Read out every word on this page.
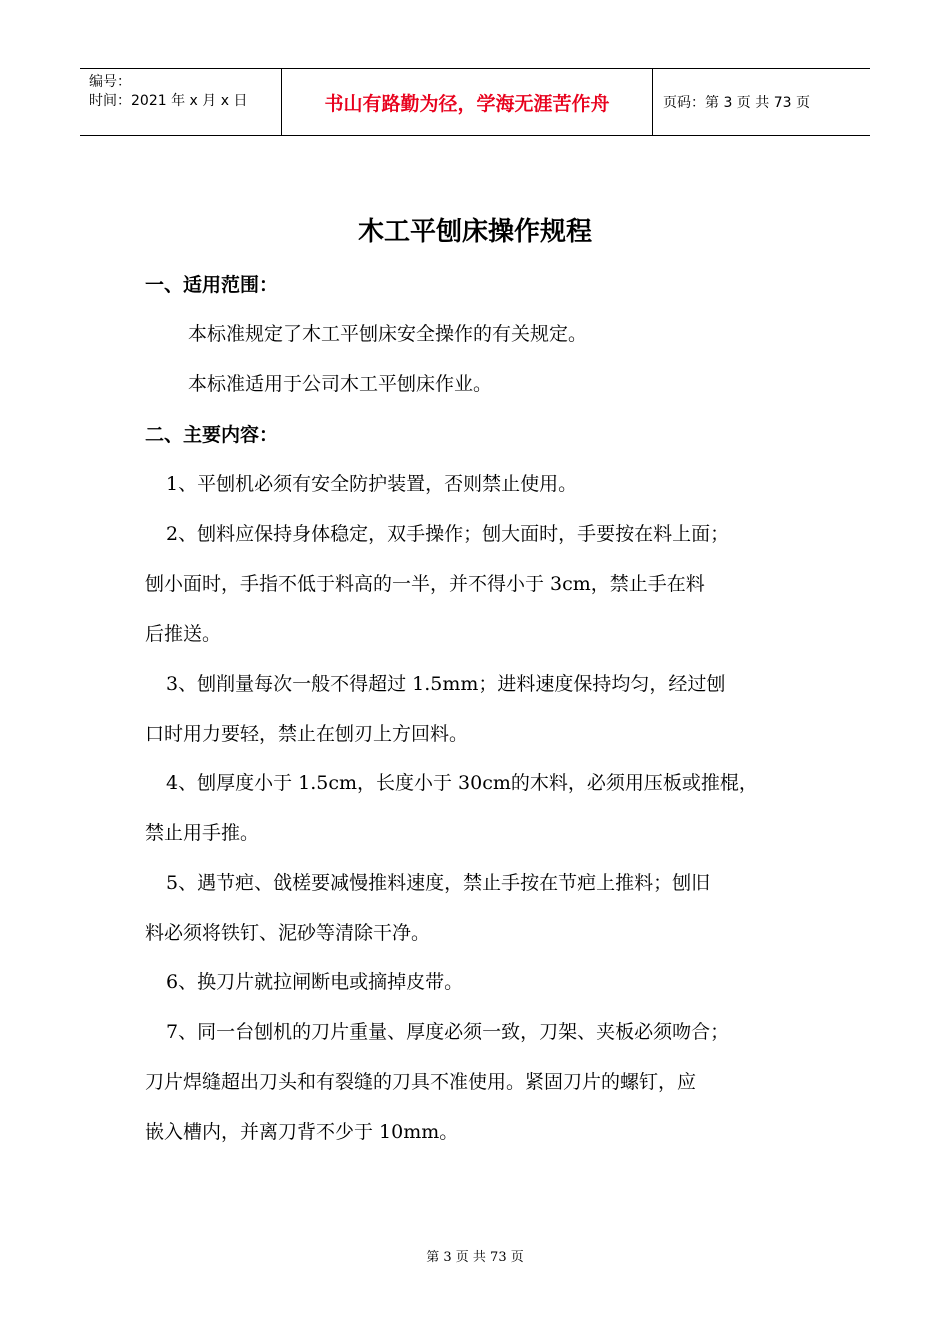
编号：
时间：2021 年 x 月 x 日	书山有路勤为径，学海无涯苦作舟	页码：第 3 页 共 73 页
木工平刨床操作规程
一、适用范围：
本标准规定了木工平刨床安全操作的有关规定。
本标准适用于公司木工平刨床作业。
二、主要内容：
1、平刨机必须有安全防护装置，否则禁止使用。
2、刨料应保持身体稳定，双手操作；刨大面时，手要按在料上面；
刨小面时，手指不低于料高的一半，并不得小于 3cm，禁止手在料
后推送。
3、刨削量每次一般不得超过 1.5mm；进料速度保持均匀，经过刨
口时用力要轻，禁止在刨刃上方回料。
4、刨厚度小于 1.5cm，长度小于 30cm的木料，必须用压板或推棍，
禁止用手推。
5、遇节疤、戗槎要减慢推料速度，禁止手按在节疤上推料；刨旧
料必须将铁钉、泥砂等清除干净。
6、换刀片就拉闸断电或摘掉皮带。
7、同一台刨机的刀片重量、厚度必须一致，刀架、夹板必须吻合；
刀片焊缝超出刀头和有裂缝的刀具不准使用。紧固刀片的螺钉，应
嵌入槽内，并离刀背不少于 10mm。
第 3 页 共 73 页
